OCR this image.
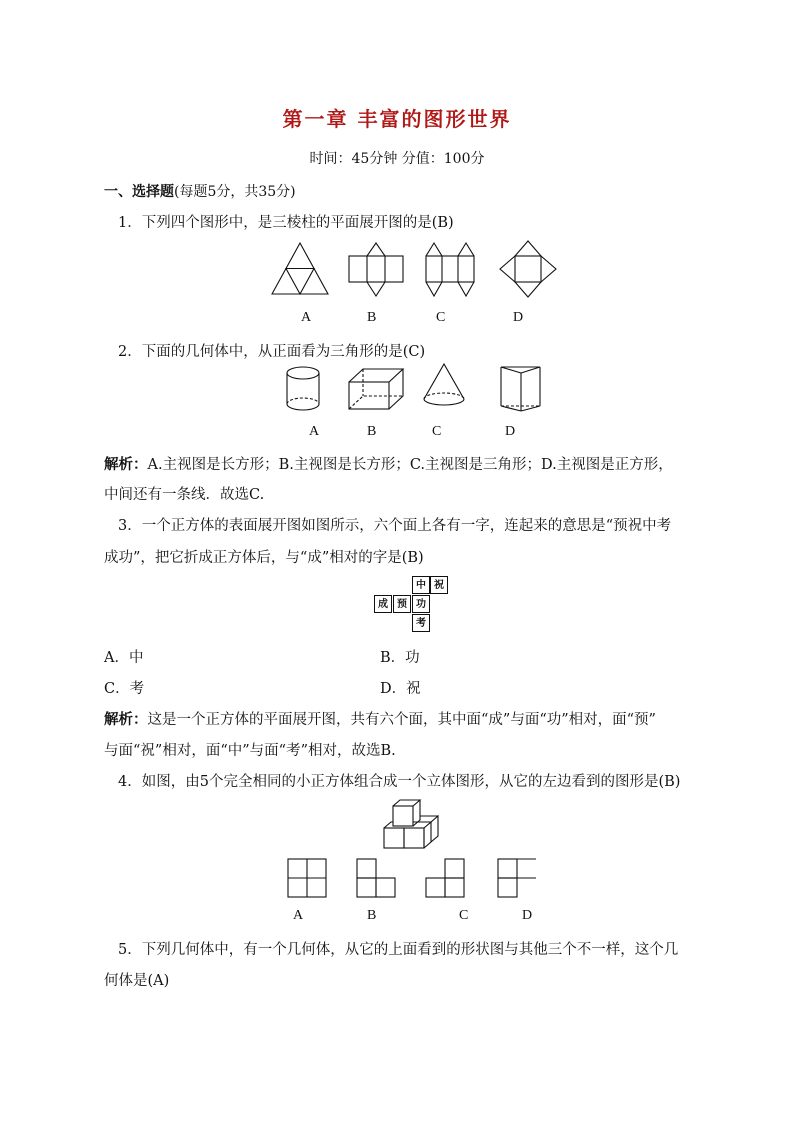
第一章 丰富的图形世界
时间：45分钟 分值：100分
一、选择题(每题5分，共35分)
1．下列四个图形中，是三棱柱的平面展开图的是(B)
A	B	C	D
2．下面的几何体中，从正面看为三角形的是(C)
A	B	C	D
解析：A.主视图是长方形；B.主视图是长方形；C.主视图是三角形；D.主视图是正方形，
中间还有一条线．故选C.
3．一个正方体的表面展开图如图所示，六个面上各有一字，连起来的意思是“预祝中考
成功”，把它折成正方体后，与“成”相对的字是(B)
中 祝
成 预 功
考
A．中	B．功
C．考	D．祝
解析：这是一个正方体的平面展开图，共有六个面，其中面“成”与面“功”相对，面“预”
与面“祝”相对，面“中”与面“考”相对，故选B.
4．如图，由5个完全相同的小正方体组合成一个立体图形，从它的左边看到的图形是(B)
A	B	C	D
5．下列几何体中，有一个几何体，从它的上面看到的形状图与其他三个不一样，这个几
何体是(A)
